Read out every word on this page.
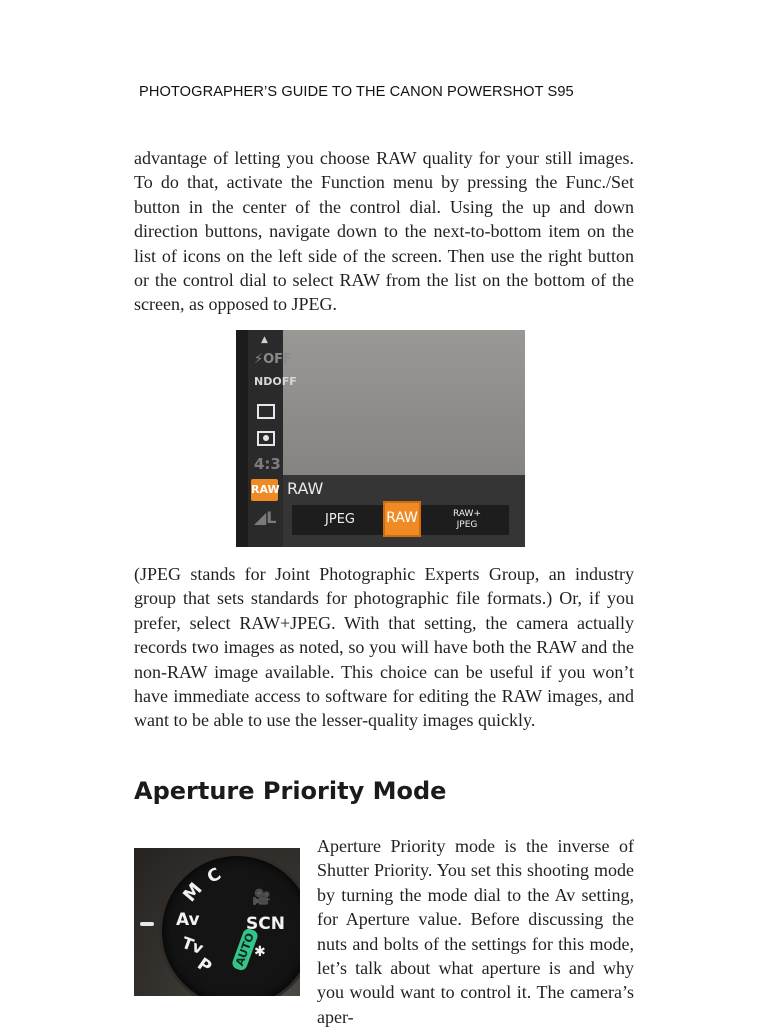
PHOTOGRAPHER’S GUIDE TO THE CANON POWERSHOT S95

advantage of letting you choose RAW quality for your still images. To do that, activate the Function menu by pressing the Func./Set button in the center of the control dial. Using the up and down direction buttons, navigate down to the next-to-bottom item on the list of icons on the left side of the screen. Then use the right button or the control dial to select RAW from the list on the bottom of the screen, as opposed to JPEG.

▲
⚡OFF
NDOFF
4:3
RAW RAW
◢L	JPEG	RAW	RAW+
JPEG

(JPEG stands for Joint Photographic Experts Group, an industry group that sets standards for photographic file formats.) Or, if you prefer, select RAW+JPEG. With that setting, the camera actually records two images as noted, so you will have both the RAW and the non-RAW image available. This choice can be useful if you won’t have immediate access to software for editing the RAW images, and want to be able to use the lesser-quality images quickly.

Aperture Priority Mode
C
M
Av
Tv
P AUTO
SCN
🎥
✱

Aperture Priority mode is the inverse of Shutter Priority. You set this shooting mode by turning the mode dial to the Av setting, for Aperture value. Before discussing the nuts and bolts of the settings for this mode, let’s talk about what aperture is and why you would want to control it. The camera’s aper-
